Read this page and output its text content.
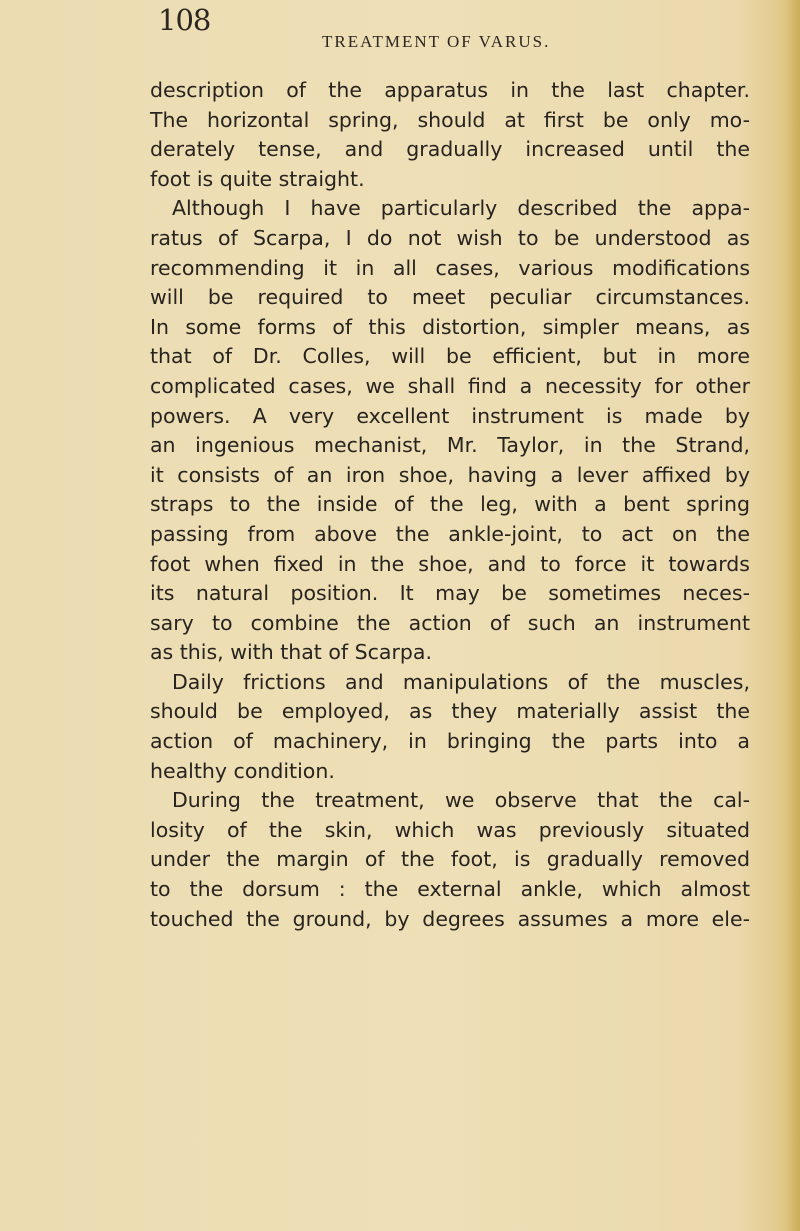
108
TREATMENT OF VARUS.
description of the apparatus in the last chapter.
The horizontal spring, should at first be only mo-
derately tense, and gradually increased until the
foot is quite straight.
Although I have particularly described the appa-
ratus of Scarpa, I do not wish to be understood as
recommending it in all cases, various modifications
will be required to meet peculiar circumstances.
In some forms of this distortion, simpler means, as
that of Dr. Colles, will be efficient, but in more
complicated cases, we shall find a necessity for other
powers. A very excellent instrument is made by
an ingenious mechanist, Mr. Taylor, in the Strand,
it consists of an iron shoe, having a lever affixed by
straps to the inside of the leg, with a bent spring
passing from above the ankle-joint, to act on the
foot when fixed in the shoe, and to force it towards
its natural position. It may be sometimes neces-
sary to combine the action of such an instrument
as this, with that of Scarpa.
Daily frictions and manipulations of the muscles,
should be employed, as they materially assist the
action of machinery, in bringing the parts into a
healthy condition.
During the treatment, we observe that the cal-
losity of the skin, which was previously situated
under the margin of the foot, is gradually removed
to the dorsum : the external ankle, which almost
touched the ground, by degrees assumes a more ele-
